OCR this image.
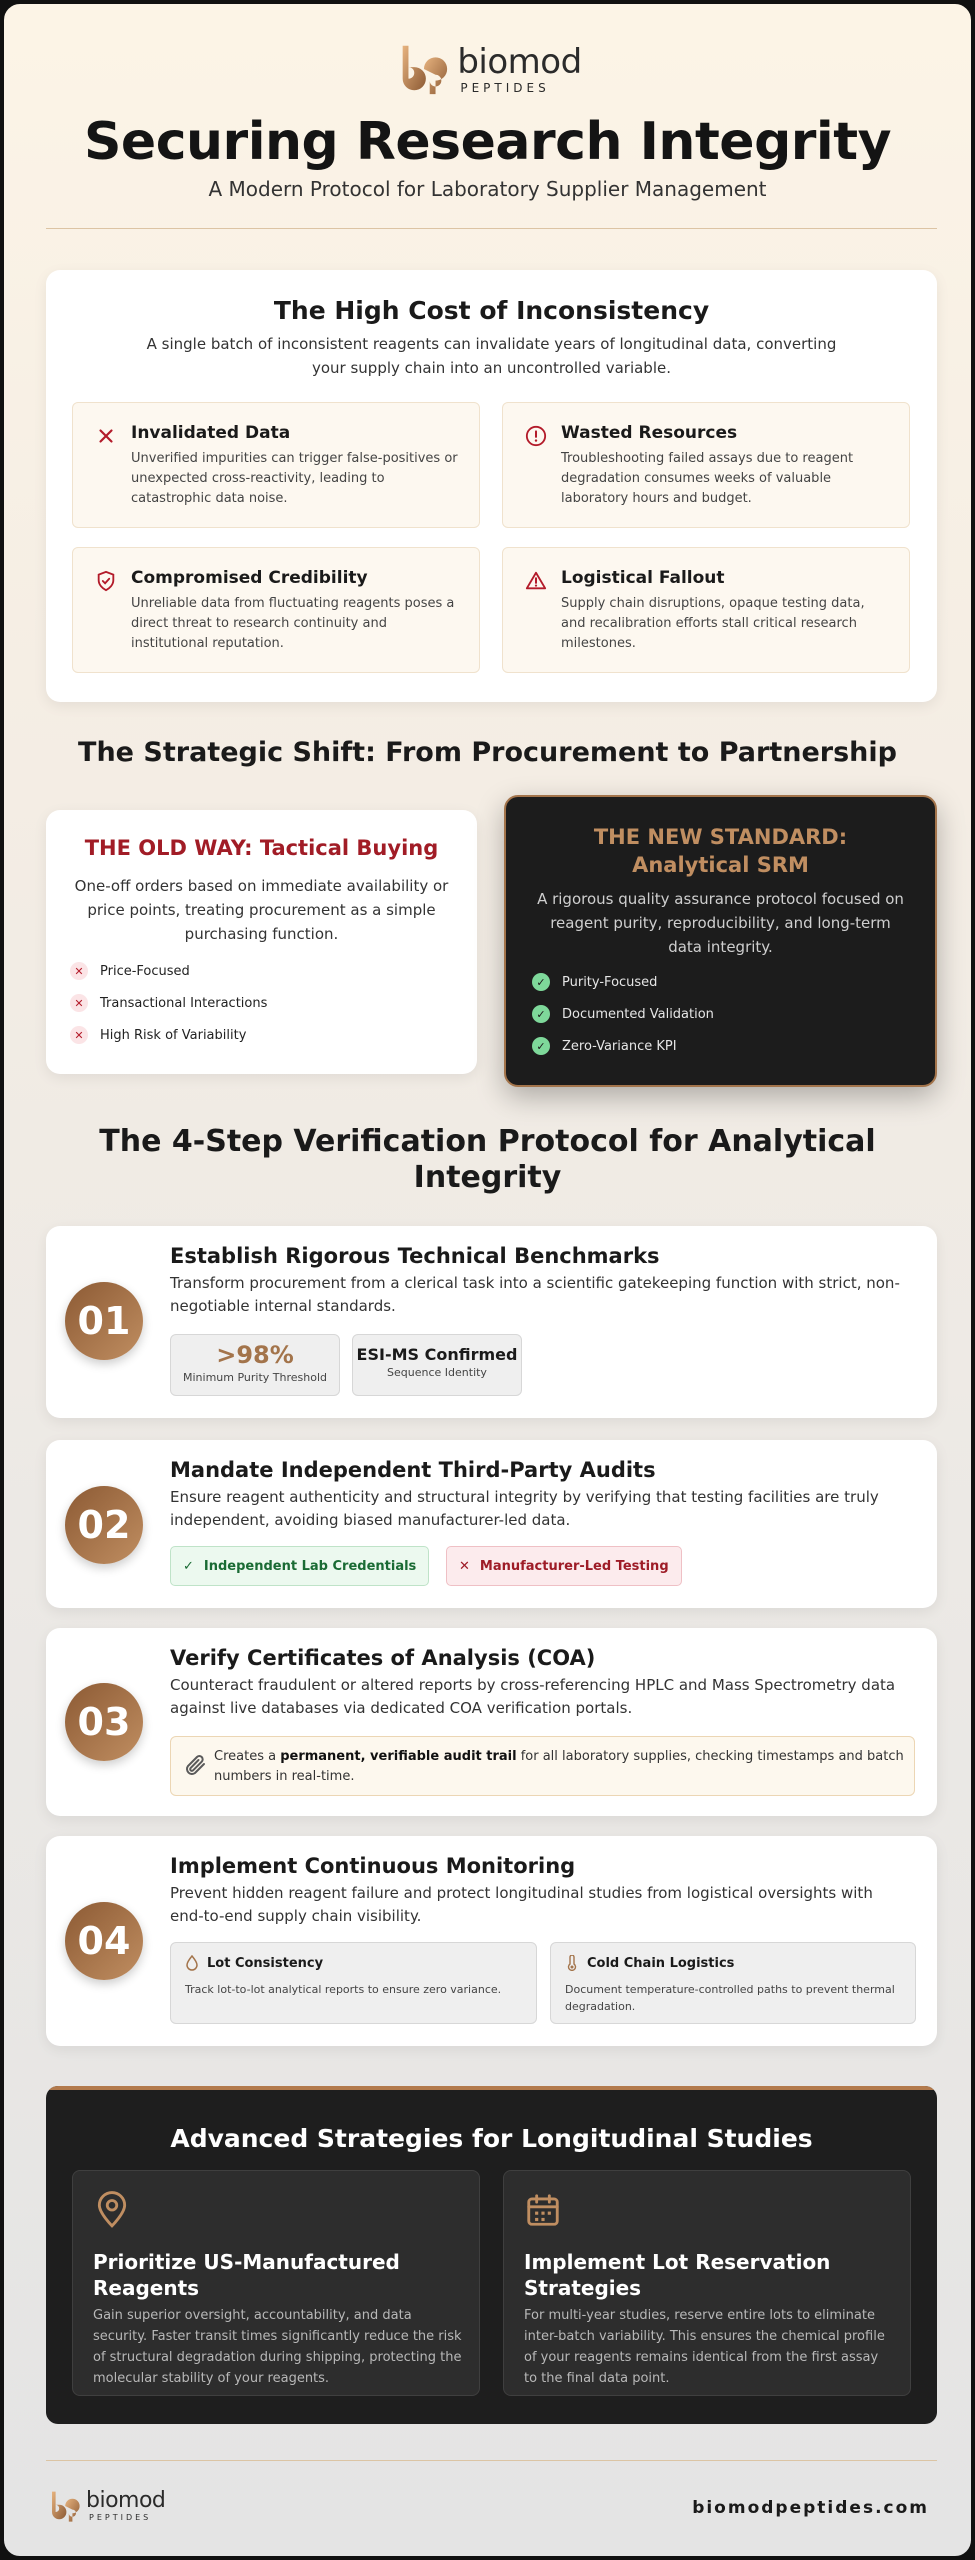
biomod
PEPTIDES
Securing Research Integrity
A Modern Protocol for Laboratory Supplier Management
The High Cost of Inconsistency
A single batch of inconsistent reagents can invalidate years of longitudinal data, converting your supply chain into an uncontrolled variable.
Invalidated Data
Unverified impurities can trigger false-positives or unexpected cross-reactivity, leading to catastrophic data noise.
Wasted Resources
Troubleshooting failed assays due to reagent degradation consumes weeks of valuable laboratory hours and budget.
Compromised Credibility
Unreliable data from fluctuating reagents poses a direct threat to research continuity and institutional reputation.
Logistical Fallout
Supply chain disruptions, opaque testing data, and recalibration efforts stall critical research milestones.
The Strategic Shift: From Procurement to Partnership
THE OLD WAY: Tactical Buying
One-off orders based on immediate availability or price points, treating procurement as a simple purchasing function.
✕	Price-Focused
✕	Transactional Interactions
✕	High Risk of Variability
THE NEW STANDARD: Analytical SRM
A rigorous quality assurance protocol focused on reagent purity, reproducibility, and long-term data integrity.
✓	Purity-Focused
✓	Documented Validation
✓	Zero-Variance KPI
The 4-Step Verification Protocol for Analytical Integrity
01
Establish Rigorous Technical Benchmarks
Transform procurement from a clerical task into a scientific gatekeeping function with strict, non-negotiable internal standards.
>98%
Minimum Purity Threshold
ESI-MS Confirmed
Sequence Identity
02
Mandate Independent Third-Party Audits
Ensure reagent authenticity and structural integrity by verifying that testing facilities are truly independent, avoiding biased manufacturer-led data.
✓ Independent Lab Credentials	✕ Manufacturer-Led Testing
03
Verify Certificates of Analysis (COA)
Counteract fraudulent or altered reports by cross-referencing HPLC and Mass Spectrometry data against live databases via dedicated COA verification portals.
Creates a permanent, verifiable audit trail for all laboratory supplies, checking timestamps and batch numbers in real-time.
04
Implement Continuous Monitoring
Prevent hidden reagent failure and protect longitudinal studies from logistical oversights with end-to-end supply chain visibility.
Lot Consistency
Track lot-to-lot analytical reports to ensure zero variance.
Cold Chain Logistics
Document temperature-controlled paths to prevent thermal degradation.
Advanced Strategies for Longitudinal Studies
Prioritize US-Manufactured Reagents
Gain superior oversight, accountability, and data security. Faster transit times significantly reduce the risk of structural degradation during shipping, protecting the molecular stability of your reagents.
Implement Lot Reservation Strategies
For multi-year studies, reserve entire lots to eliminate inter-batch variability. This ensures the chemical profile of your reagents remains identical from the first assay to the final data point.
biomod
PEPTIDES	biomodpeptides.com
